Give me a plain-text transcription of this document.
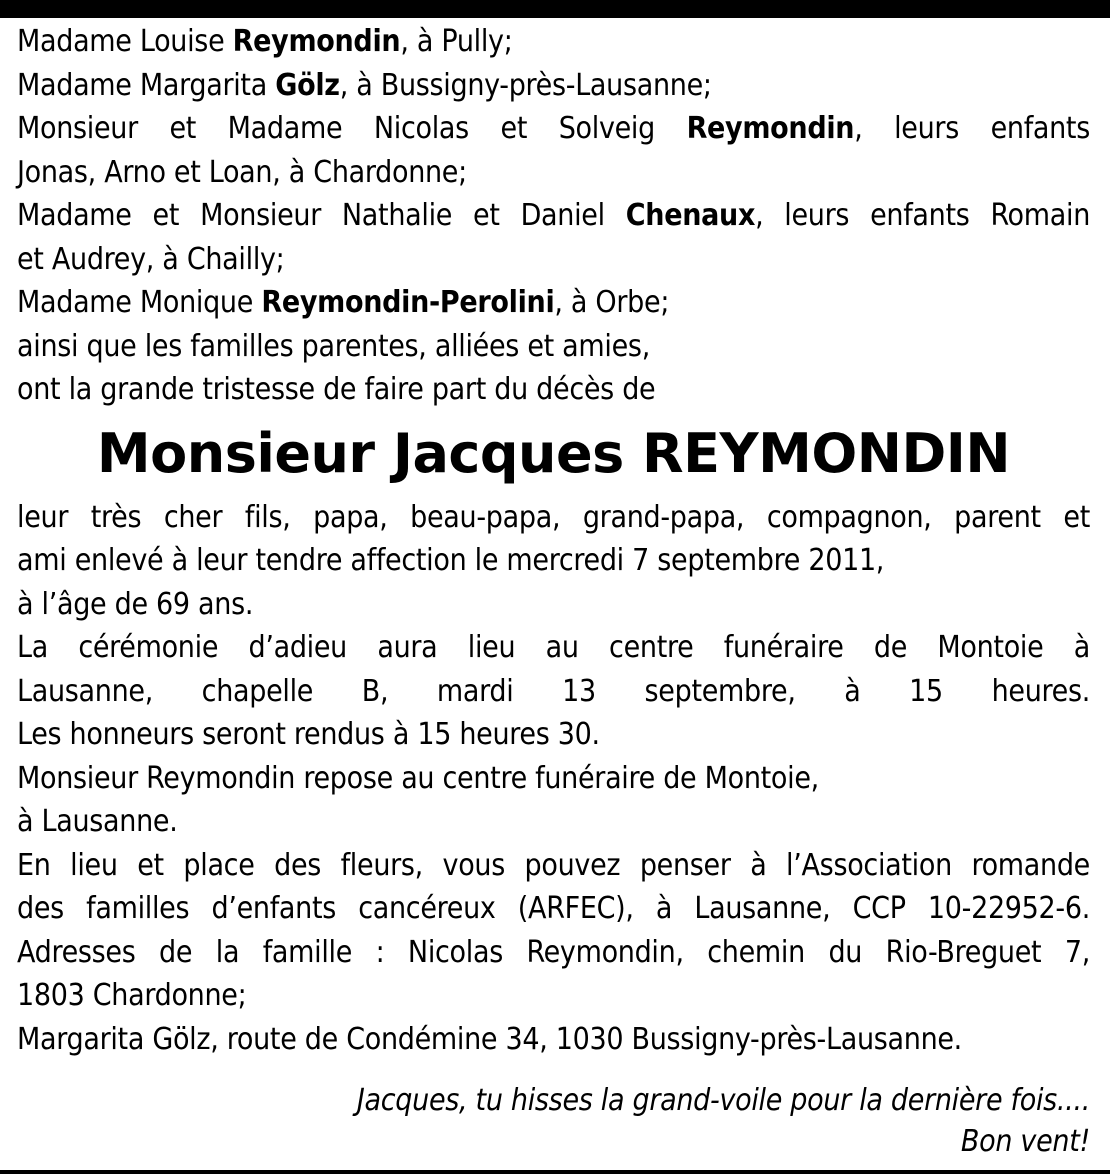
Madame Louise Reymondin, à Pully;
Madame Margarita Gölz, à Bussigny-près-Lausanne;
Monsieur et Madame Nicolas et Solveig Reymondin, leurs enfants
Jonas, Arno et Loan, à Chardonne;
Madame et Monsieur Nathalie et Daniel Chenaux, leurs enfants Romain
et Audrey, à Chailly;
Madame Monique Reymondin-Perolini, à Orbe;
ainsi que les familles parentes, alliées et amies,
ont la grande tristesse de faire part du décès de
Monsieur Jacques REYMONDIN
leur très cher fils, papa, beau-papa, grand-papa, compagnon, parent et
ami enlevé à leur tendre affection le mercredi 7 septembre 2011,
à l’âge de 69 ans.
La cérémonie d’adieu aura lieu au centre funéraire de Montoie à
Lausanne, chapelle B, mardi 13 septembre, à 15 heures.
Les honneurs seront rendus à 15 heures 30.
Monsieur Reymondin repose au centre funéraire de Montoie,
à Lausanne.
En lieu et place des fleurs, vous pouvez penser à l’Association romande
des familles d’enfants cancéreux (ARFEC), à Lausanne, CCP 10-22952-6.
Adresses de la famille : Nicolas Reymondin, chemin du Rio-Breguet 7,
1803 Chardonne;
Margarita Gölz, route de Condémine 34, 1030 Bussigny-près-Lausanne.
Jacques, tu hisses la grand-voile pour la dernière fois....
Bon vent!
